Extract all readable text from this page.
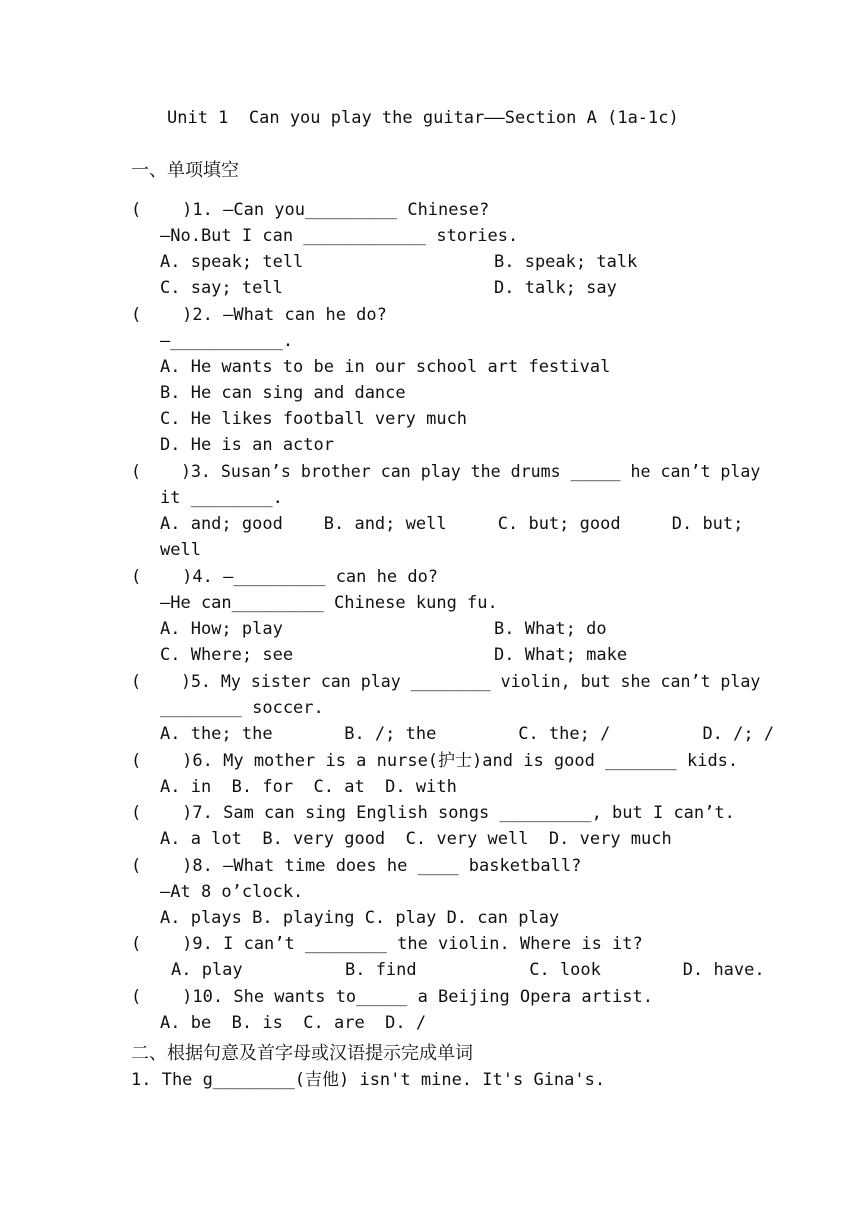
Unit 1  Can you play the guitar——Section A (1a-1c)
一、单项填空
(    )1. —Can you_________ Chinese?
—No.But I can ____________ stories.
A. speak; tell	B. speak; talk
C. say; tell	D. talk; say
(    )2. —What can he do?
—___________.
A. He wants to be in our school art festival
B. He can sing and dance
C. He likes football very much
D. He is an actor
(    )3. Susan’s brother can play the drums _____ he can’t play
it ________.
A. and; good    B. and; well     C. but; good     D. but;
well
(    )4. —_________ can he do?
—He can_________ Chinese kung fu.
A. How; play	B. What; do
C. Where; see	D. What; make
(    )5. My sister can play ________ violin, but she can’t play
________ soccer.
A. the; the       B. /; the        C. the; /         D. /; /
(    )6. My mother is a nurse(护士)and is good _______ kids.
A. in  B. for  C. at  D. with
(    )7. Sam can sing English songs _________, but I can’t.
A. a lot  B. very good  C. very well  D. very much
(    )8. —What time does he ____ basketball?
—At 8 o’clock.
A. plays B. playing C. play D. can play
(    )9. I can’t ________ the violin. Where is it?
A. play          B. find           C. look        D. have.
(    )10. She wants to_____ a Beijing Opera artist.
A. be  B. is  C. are  D. /
二、根据句意及首字母或汉语提示完成单词
1. The g________(吉他) isn't mine. It's Gina's.
